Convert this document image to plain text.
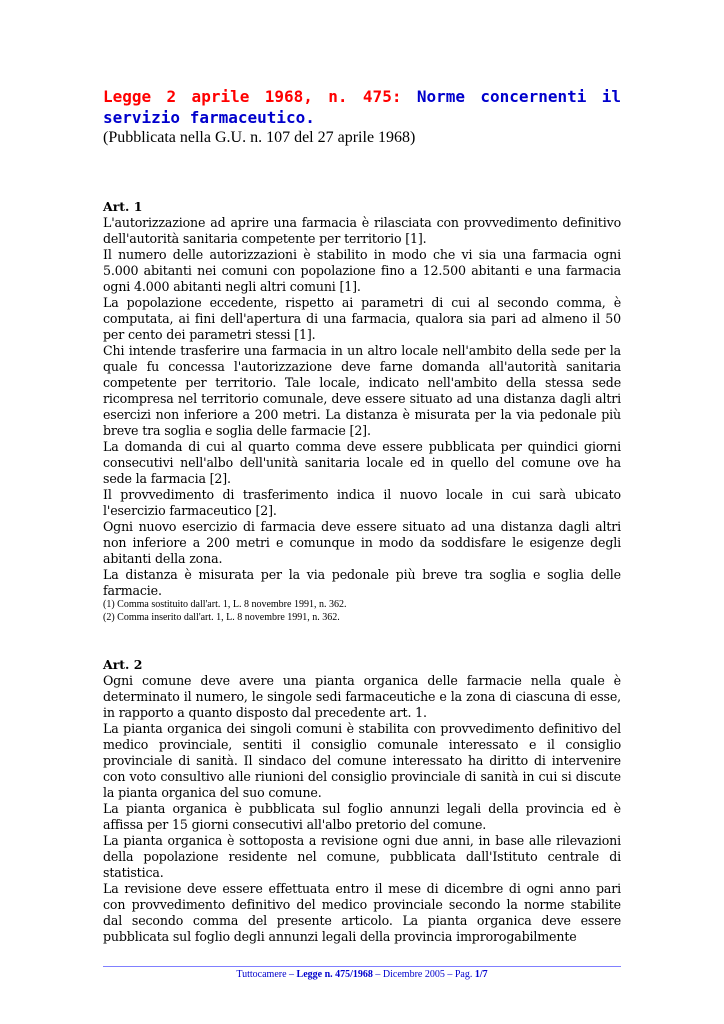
Legge 2 aprile 1968, n. 475: Norme concernenti il servizio farmaceutico.

(Pubblicata nella G.U. n. 107 del 27 aprile 1968)

Art. 1

L'autorizzazione ad aprire una farmacia è rilasciata con provvedimento definitivo dell'autorità sanitaria competente per territorio [1].

Il numero delle autorizzazioni è stabilito in modo che vi sia una farmacia ogni 5.000 abitanti nei comuni con popolazione fino a 12.500 abitanti e una farmacia ogni 4.000 abitanti negli altri comuni [1].

La popolazione eccedente, rispetto ai parametri di cui al secondo comma, è computata, ai fini dell'apertura di una farmacia, qualora sia pari ad almeno il 50 per cento dei parametri stessi [1].

Chi intende trasferire una farmacia in un altro locale nell'ambito della sede per la quale fu concessa l'autorizzazione deve farne domanda all'autorità sanitaria competente per territorio. Tale locale, indicato nell'ambito della stessa sede ricompresa nel territorio comunale, deve essere situato ad una distanza dagli altri esercizi non inferiore a 200 metri. La distanza è misurata per la via pedonale più breve tra soglia e soglia delle farmacie [2].

La domanda di cui al quarto comma deve essere pubblicata per quindici giorni consecutivi nell'albo dell'unità sanitaria locale ed in quello del comune ove ha sede la farmacia [2].

Il provvedimento di trasferimento indica il nuovo locale in cui sarà ubicato l'esercizio farmaceutico [2].

Ogni nuovo esercizio di farmacia deve essere situato ad una distanza dagli altri non inferiore a 200 metri e comunque in modo da soddisfare le esigenze degli abitanti della zona.

La distanza è misurata per la via pedonale più breve tra soglia e soglia delle farmacie.

(1) Comma sostituito dall'art. 1, L. 8 novembre 1991, n. 362.

(2) Comma inserito dall'art. 1, L. 8 novembre 1991, n. 362.

Art. 2

Ogni comune deve avere una pianta organica delle farmacie nella quale è determinato il numero, le singole sedi farmaceutiche e la zona di ciascuna di esse, in rapporto a quanto disposto dal precedente art. 1.

La pianta organica dei singoli comuni è stabilita con provvedimento definitivo del medico provinciale, sentiti il consiglio comunale interessato e il consiglio provinciale di sanità. Il sindaco del comune interessato ha diritto di intervenire con voto consultivo alle riunioni del consiglio provinciale di sanità in cui si discute la pianta organica del suo comune.

La pianta organica è pubblicata sul foglio annunzi legali della provincia ed è affissa per 15 giorni consecutivi all'albo pretorio del comune.

La pianta organica è sottoposta a revisione ogni due anni, in base alle rilevazioni della popolazione residente nel comune, pubblicata dall'Istituto centrale di statistica.

La revisione deve essere effettuata entro il mese di dicembre di ogni anno pari con provvedimento definitivo del medico provinciale secondo la norme stabilite dal secondo comma del presente articolo. La pianta organica deve essere pubblicata sul foglio degli annunzi legali della provincia improrogabilmente

Tuttocamere – Legge n. 475/1968 – Dicembre 2005 – Pag. 1/7
